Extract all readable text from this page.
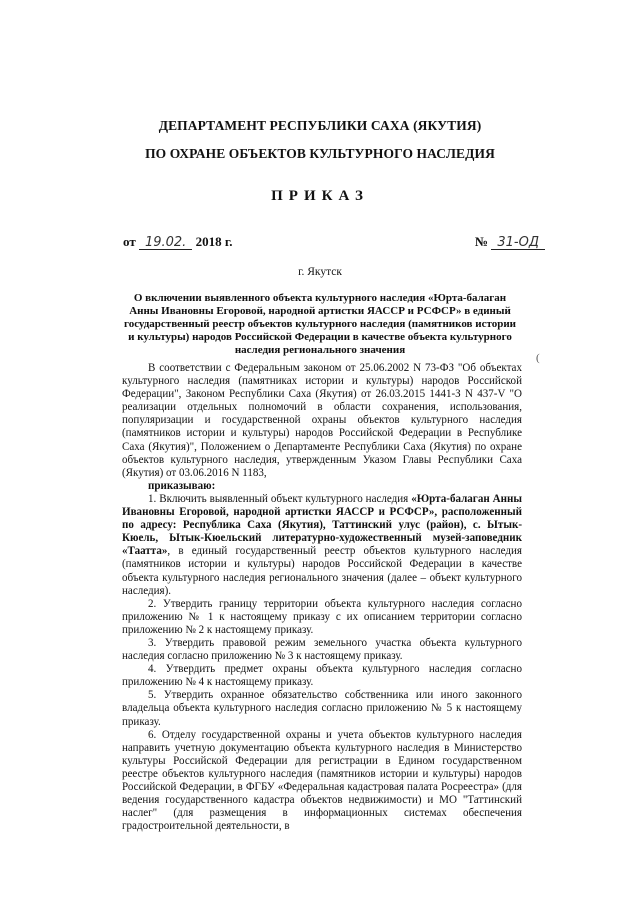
ДЕПАРТАМЕНТ РЕСПУБЛИКИ САХА (ЯКУТИЯ)
ПО ОХРАНЕ ОБЪЕКТОВ КУЛЬТУРНОГО НАСЛЕДИЯ
ПРИКАЗ
от 19.02. 2018 г.	№ 31-ОД
г. Якутск
О включении выявленного объекта культурного наследия «Юрта-балаган Анны Ивановны Егоровой, народной артистки ЯАССР и РСФСР» в единый государственный реестр объектов культурного наследия (памятников истории и культуры) народов Российской Федерации в качестве объекта культурного наследия регионального значения
(

В соответствии с Федеральным законом от 25.06.2002 N 73-ФЗ "Об объектах культурного наследия (памятниках истории и культуры) народов Российской Федерации", Законом Республики Саха (Якутия) от 26.03.2015 1441-З N 437-V "О реализации отдельных полномочий в области сохранения, использования, популяризации и государственной охраны объектов культурного наследия (памятников истории и культуры) народов Российской Федерации в Республике Саха (Якутия)", Положением о Департаменте Республики Саха (Якутия) по охране объектов культурного наследия, утвержденным Указом Главы Республики Саха (Якутия) от 03.06.2016 N 1183,

приказываю:

1. Включить выявленный объект культурного наследия «Юрта-балаган Анны Ивановны Егоровой, народной артистки ЯАССР и РСФСР», расположенный по адресу: Республика Саха (Якутия), Таттинский улус (район), с. Ытык-Кюель, Ытык-Кюельский литературно-художественный музей-заповедник «Таатта», в единый государственный реестр объектов культурного наследия (памятников истории и культуры) народов Российской Федерации в качестве объекта культурного наследия регионального значения (далее – объект культурного наследия).

2. Утвердить границу территории объекта культурного наследия согласно приложению № 1 к настоящему приказу с их описанием территории согласно приложению № 2 к настоящему приказу.

3. Утвердить правовой режим земельного участка объекта культурного наследия согласно приложению № 3 к настоящему приказу.

4. Утвердить предмет охраны объекта культурного наследия согласно приложению № 4 к настоящему приказу.

5. Утвердить охранное обязательство собственника или иного законного владельца объекта культурного наследия согласно приложению № 5 к настоящему приказу.

6. Отделу государственной охраны и учета объектов культурного наследия направить учетную документацию объекта культурного наследия в Министерство культуры Российской Федерации для регистрации в Едином государственном реестре объектов культурного наследия (памятников истории и культуры) народов Российской Федерации, в ФГБУ «Федеральная кадастровая палата Росреестра» (для ведения государственного кадастра объектов недвижимости) и МО "Таттинский наслег" (для размещения в информационных системах обеспечения градостроительной деятельности, в
